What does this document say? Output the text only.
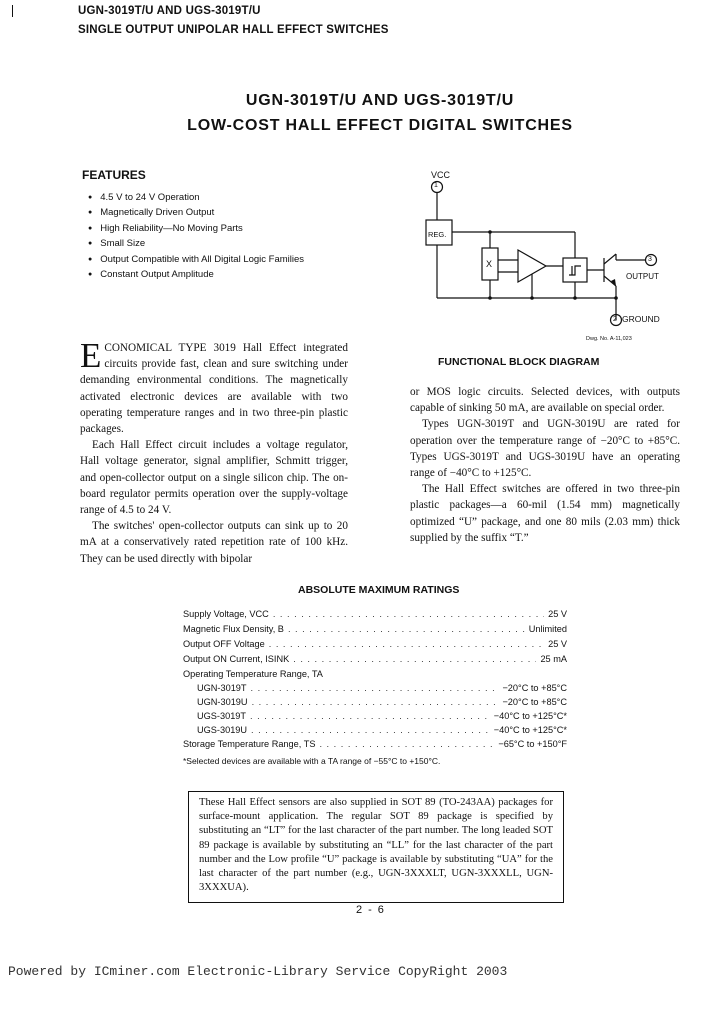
UGN-3019T/U AND UGS-3019T/U
SINGLE OUTPUT UNIPOLAR HALL EFFECT SWITCHES
UGN-3019T/U AND UGS-3019T/U
LOW-COST HALL EFFECT DIGITAL SWITCHES
FEATURES
● 4.5 V to 24 V Operation
● Magnetically Driven Output
● High Reliability—No Moving Parts
● Small Size
● Output Compatible with All Digital Logic Families
● Constant Output Amplitude
VCC
1
REG.
X	3
OUTPUT
2 GROUND
Dwg. No. A-11,023
FUNCTIONAL BLOCK DIAGRAM

ECONOMICAL TYPE 3019 Hall Effect integrated circuits provide fast, clean and sure switching under demanding environmental conditions. The magnetically activated electronic devices are available with two operating temperature ranges and in two three-pin plastic packages.

Each Hall Effect circuit includes a voltage regulator, Hall voltage generator, signal amplifier, Schmitt trigger, and open-collector output on a single silicon chip. The on-board regulator permits operation over the supply-voltage range of 4.5 to 24 V.

The switches' open-collector outputs can sink up to 20 mA at a conservatively rated repetition rate of 100 kHz. They can be used directly with bipolar

or MOS logic circuits. Selected devices, with outputs capable of sinking 50 mA, are available on special order.

Types UGN-3019T and UGN-3019U are rated for operation over the temperature range of −20°C to +85°C. Types UGS-3019T and UGS-3019U have an operating range of −40°C to +125°C.

The Hall Effect switches are offered in two three-pin plastic packages—a 60-mil (1.54 mm) magnetically optimized “U” package, and one 80 mils (2.03 mm) thick supplied by the suffix “T.”

ABSOLUTE MAXIMUM RATINGS
Supply Voltage, VCC . . .	25 V
Magnetic Flux Density, B . . .	Unlimited
Output OFF Voltage . . .	25 V
Output ON Current, ISINK . . .	25 mA
Operating Temperature Range, TA
UGN-3019T . . .	−20°C to +85°C
UGN-3019U . . .	−20°C to +85°C
UGS-3019T . . .	−40°C to +125°C*
UGS-3019U . . .	−40°C to +125°C*
Storage Temperature Range, TS . . .	−65°C to +150°F
*Selected devices are available with a TA range of −55°C to +150°C.
These Hall Effect sensors are also supplied in SOT 89 (TO-243AA) packages for surface-mount application. The regular SOT 89 package is specified by substituting an “LT” for the last character of the part number. The long leaded SOT 89 package is available by substituting an “LL” for the last character of the part number and the Low profile “U” package is available by substituting “UA” for the last character of the part number (e.g., UGN-3XXXLT, UGN-3XXXLL, UGN-3XXXUA).
2-6
Powered by ICminer.com Electronic-Library Service CopyRight 2003
